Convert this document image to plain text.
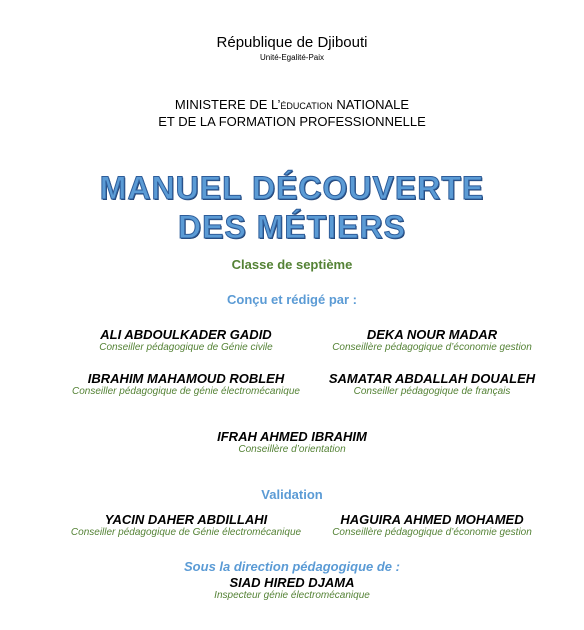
République de Djibouti
Unité-Egalité-Paix
MINISTERE DE L’éducation NATIONALE
ET DE LA FORMATION PROFESSIONNELLE
MANUEL DÉCOUVERTE
DES MÉTIERS
Classe de septième
Conçu et rédigé par :
ALI ABDOULKADER GADID
Conseiller pédagogique de Génie civile
DEKA NOUR MADAR
Conseillère pédagogique d’économie gestion
IBRAHIM MAHAMOUD ROBLEH
Conseiller pédagogique de génie électromécanique
SAMATAR ABDALLAH DOUALEH
Conseiller pédagogique de français
IFRAH AHMED IBRAHIM
Conseillère d’orientation
Validation
YACIN DAHER ABDILLAHI
Conseiller pédagogique de Génie électromécanique
HAGUIRA AHMED MOHAMED
Conseillère pédagogique d’économie gestion
Sous la direction pédagogique de :
SIAD HIRED DJAMA
Inspecteur génie électromécanique
